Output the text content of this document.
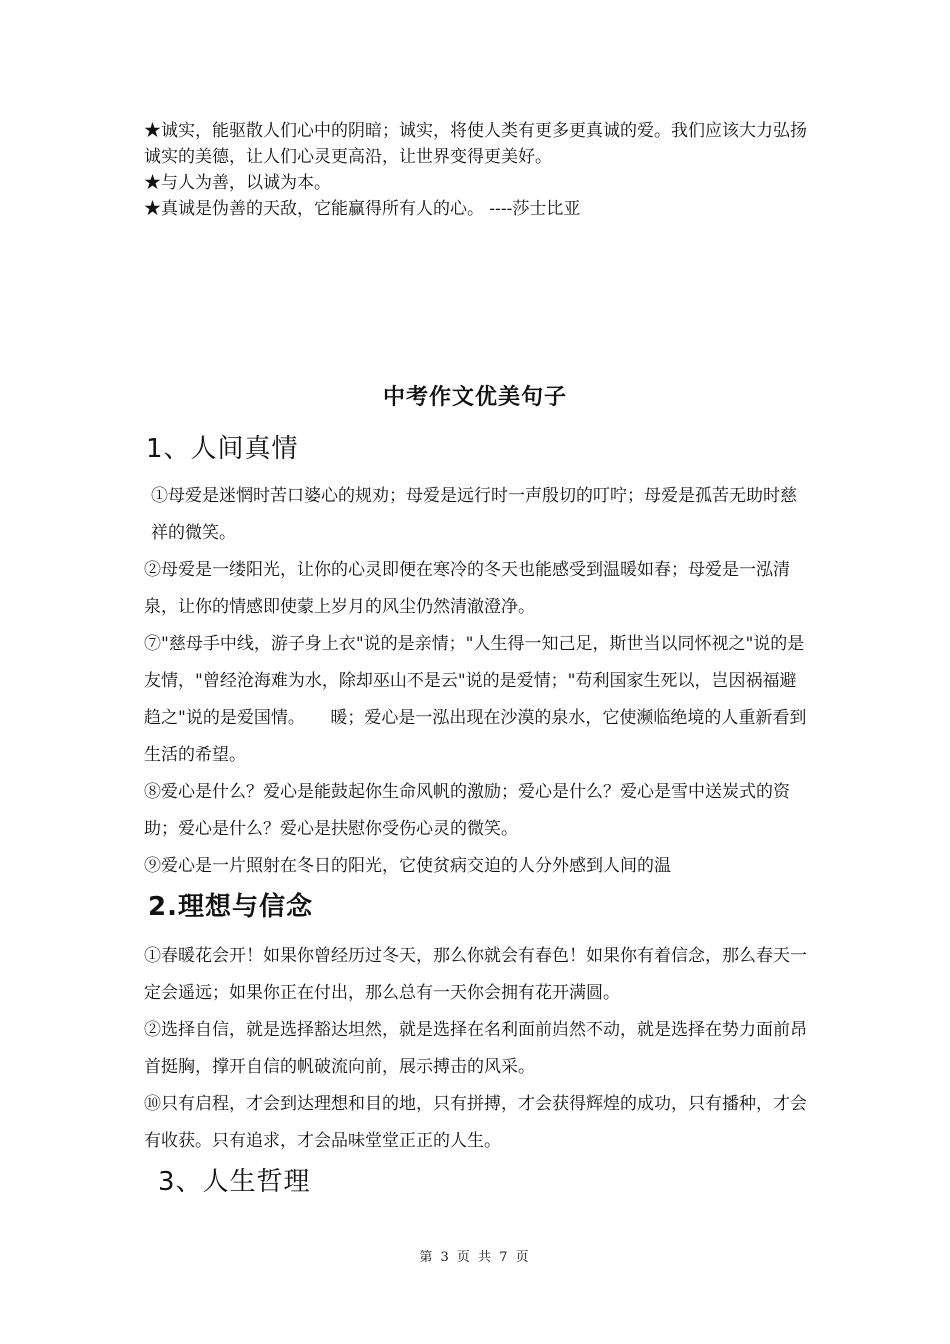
★诚实，能驱散人们心中的阴暗；诚实，将使人类有更多更真诚的爱。我们应该大力弘扬诚实的美德，让人们心灵更高沿，让世界变得更美好。

★与人为善，以诚为本。

★真诚是伪善的天敌，它能赢得所有人的心。 ----莎士比亚

中考作文优美句子
1、人间真情

①母爱是迷惘时苦口婆心的规劝；母爱是远行时一声殷切的叮咛；母爱是孤苦无助时慈祥的微笑。

②母爱是一缕阳光，让你的心灵即便在寒冷的冬天也能感受到温暖如春；母爱是一泓清泉，让你的情感即使蒙上岁月的风尘仍然清澈澄净。

⑦"慈母手中线，游子身上衣"说的是亲情；"人生得一知己足，斯世当以同怀视之"说的是友情，"曾经沧海难为水，除却巫山不是云"说的是爱情；"苟利国家生死以，岂因祸福避趋之"说的是爱国情。　　暖；爱心是一泓出现在沙漠的泉水，它使濒临绝境的人重新看到生活的希望。

⑧爱心是什么？爱心是能鼓起你生命风帆的激励；爱心是什么？爱心是雪中送炭式的资助；爱心是什么？爱心是扶慰你受伤心灵的微笑。

⑨爱心是一片照射在冬日的阳光，它使贫病交迫的人分外感到人间的温

2.理想与信念

①春暖花会开！如果你曾经历过冬天，那么你就会有春色！如果你有着信念，那么春天一定会遥远；如果你正在付出，那么总有一天你会拥有花开满圆。

②选择自信，就是选择豁达坦然，就是选择在名利面前岿然不动，就是选择在势力面前昂首挺胸，撑开自信的帆破流向前，展示搏击的风采。

⑩只有启程，才会到达理想和目的地，只有拼搏，才会获得辉煌的成功，只有播种，才会有收获。只有追求，才会品味堂堂正正的人生。

3、人生哲理
第 3 页 共 7 页
